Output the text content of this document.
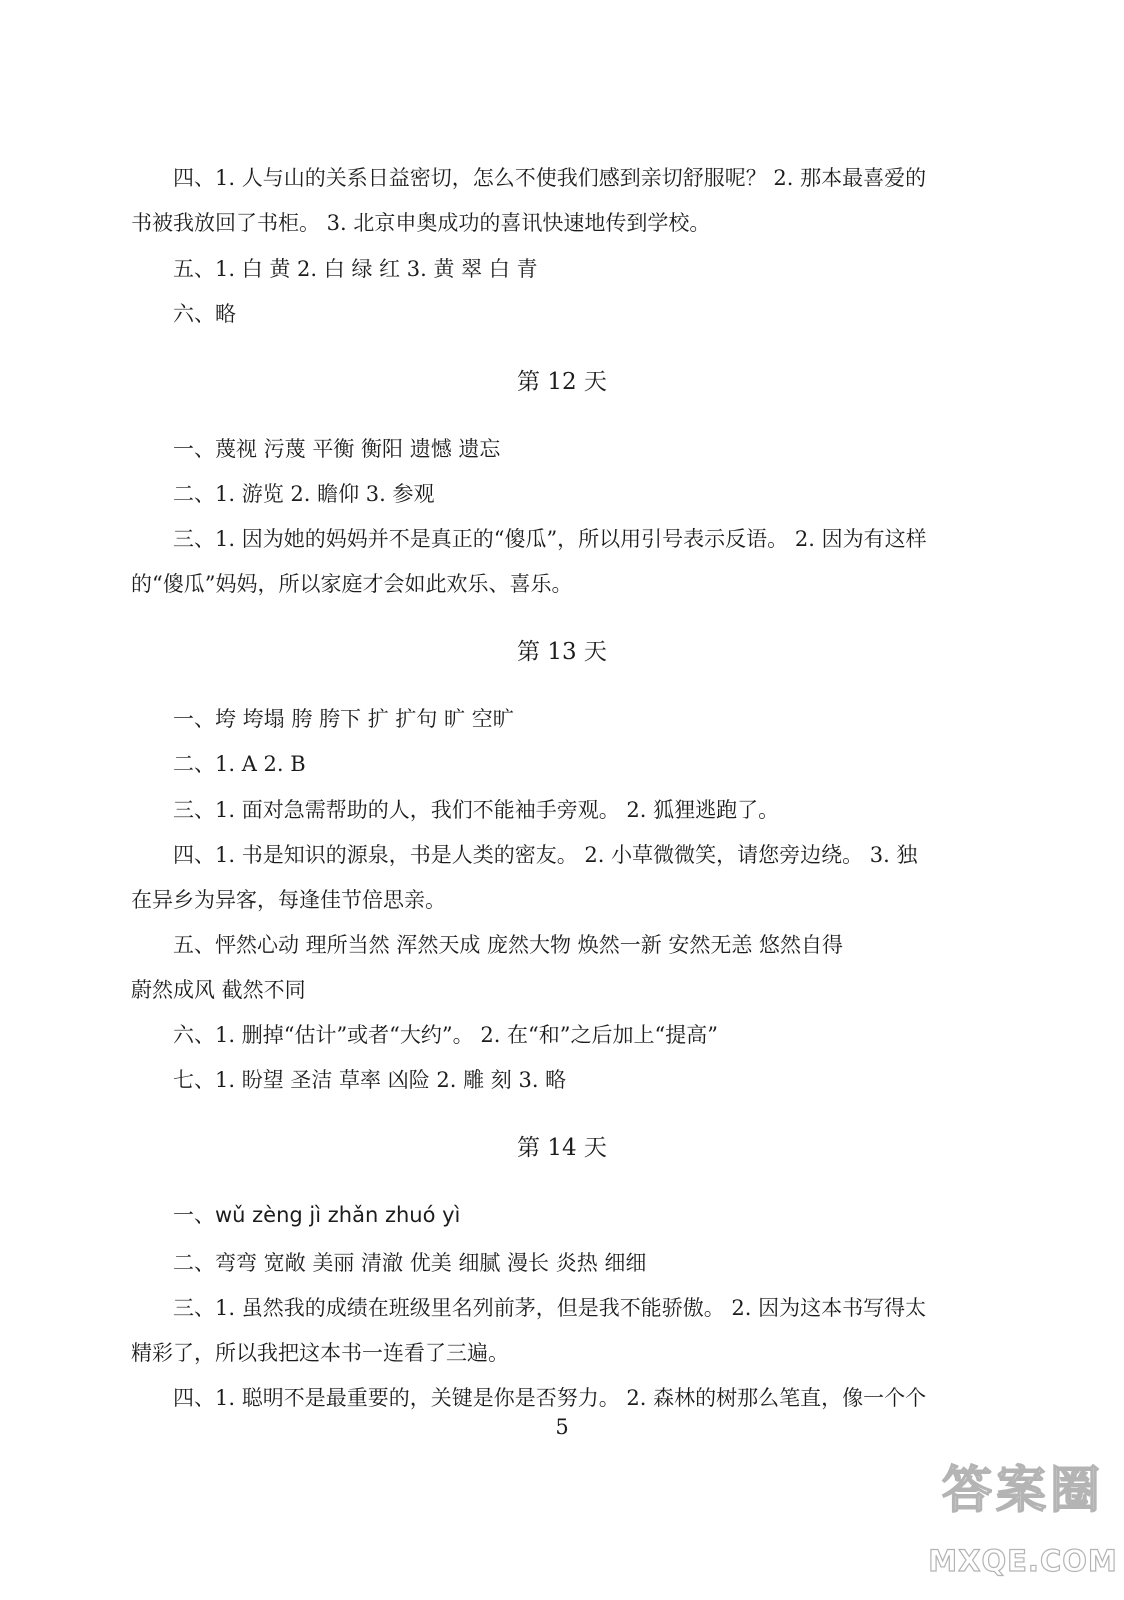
四、1. 人与山的关系日益密切，怎么不使我们感到亲切舒服呢？ 2. 那本最喜爱的
书被我放回了书柜。 3. 北京申奥成功的喜讯快速地传到学校。
五、1. 白 黄 2. 白 绿 红 3. 黄 翠 白 青
六、略
第 12 天
一、蔑视 污蔑 平衡 衡阳 遗憾 遗忘
二、1. 游览 2. 瞻仰 3. 参观
三、1. 因为她的妈妈并不是真正的“傻瓜”，所以用引号表示反语。 2. 因为有这样
的“傻瓜”妈妈，所以家庭才会如此欢乐、喜乐。
第 13 天
一、垮 垮塌 胯 胯下 扩 扩句 旷 空旷
二、1. A 2. B
三、1. 面对急需帮助的人，我们不能袖手旁观。 2. 狐狸逃跑了。
四、1. 书是知识的源泉，书是人类的密友。 2. 小草微微笑，请您旁边绕。 3. 独
在异乡为异客，每逢佳节倍思亲。
五、怦然心动 理所当然 浑然天成 庞然大物 焕然一新 安然无恙 悠然自得
蔚然成风 截然不同
六、1. 删掉“估计”或者“大约”。 2. 在“和”之后加上“提高”
七、1. 盼望 圣洁 草率 凶险 2. 雕 刻 3. 略
第 14 天
一、wǔ zèng jì zhǎn zhuó yì
二、弯弯 宽敞 美丽 清澈 优美 细腻 漫长 炎热 细细
三、1. 虽然我的成绩在班级里名列前茅，但是我不能骄傲。 2. 因为这本书写得太
精彩了，所以我把这本书一连看了三遍。
四、1. 聪明不是最重要的，关键是你是否努力。 2. 森林的树那么笔直，像一个个
5
答案圈
MXQE.COM
